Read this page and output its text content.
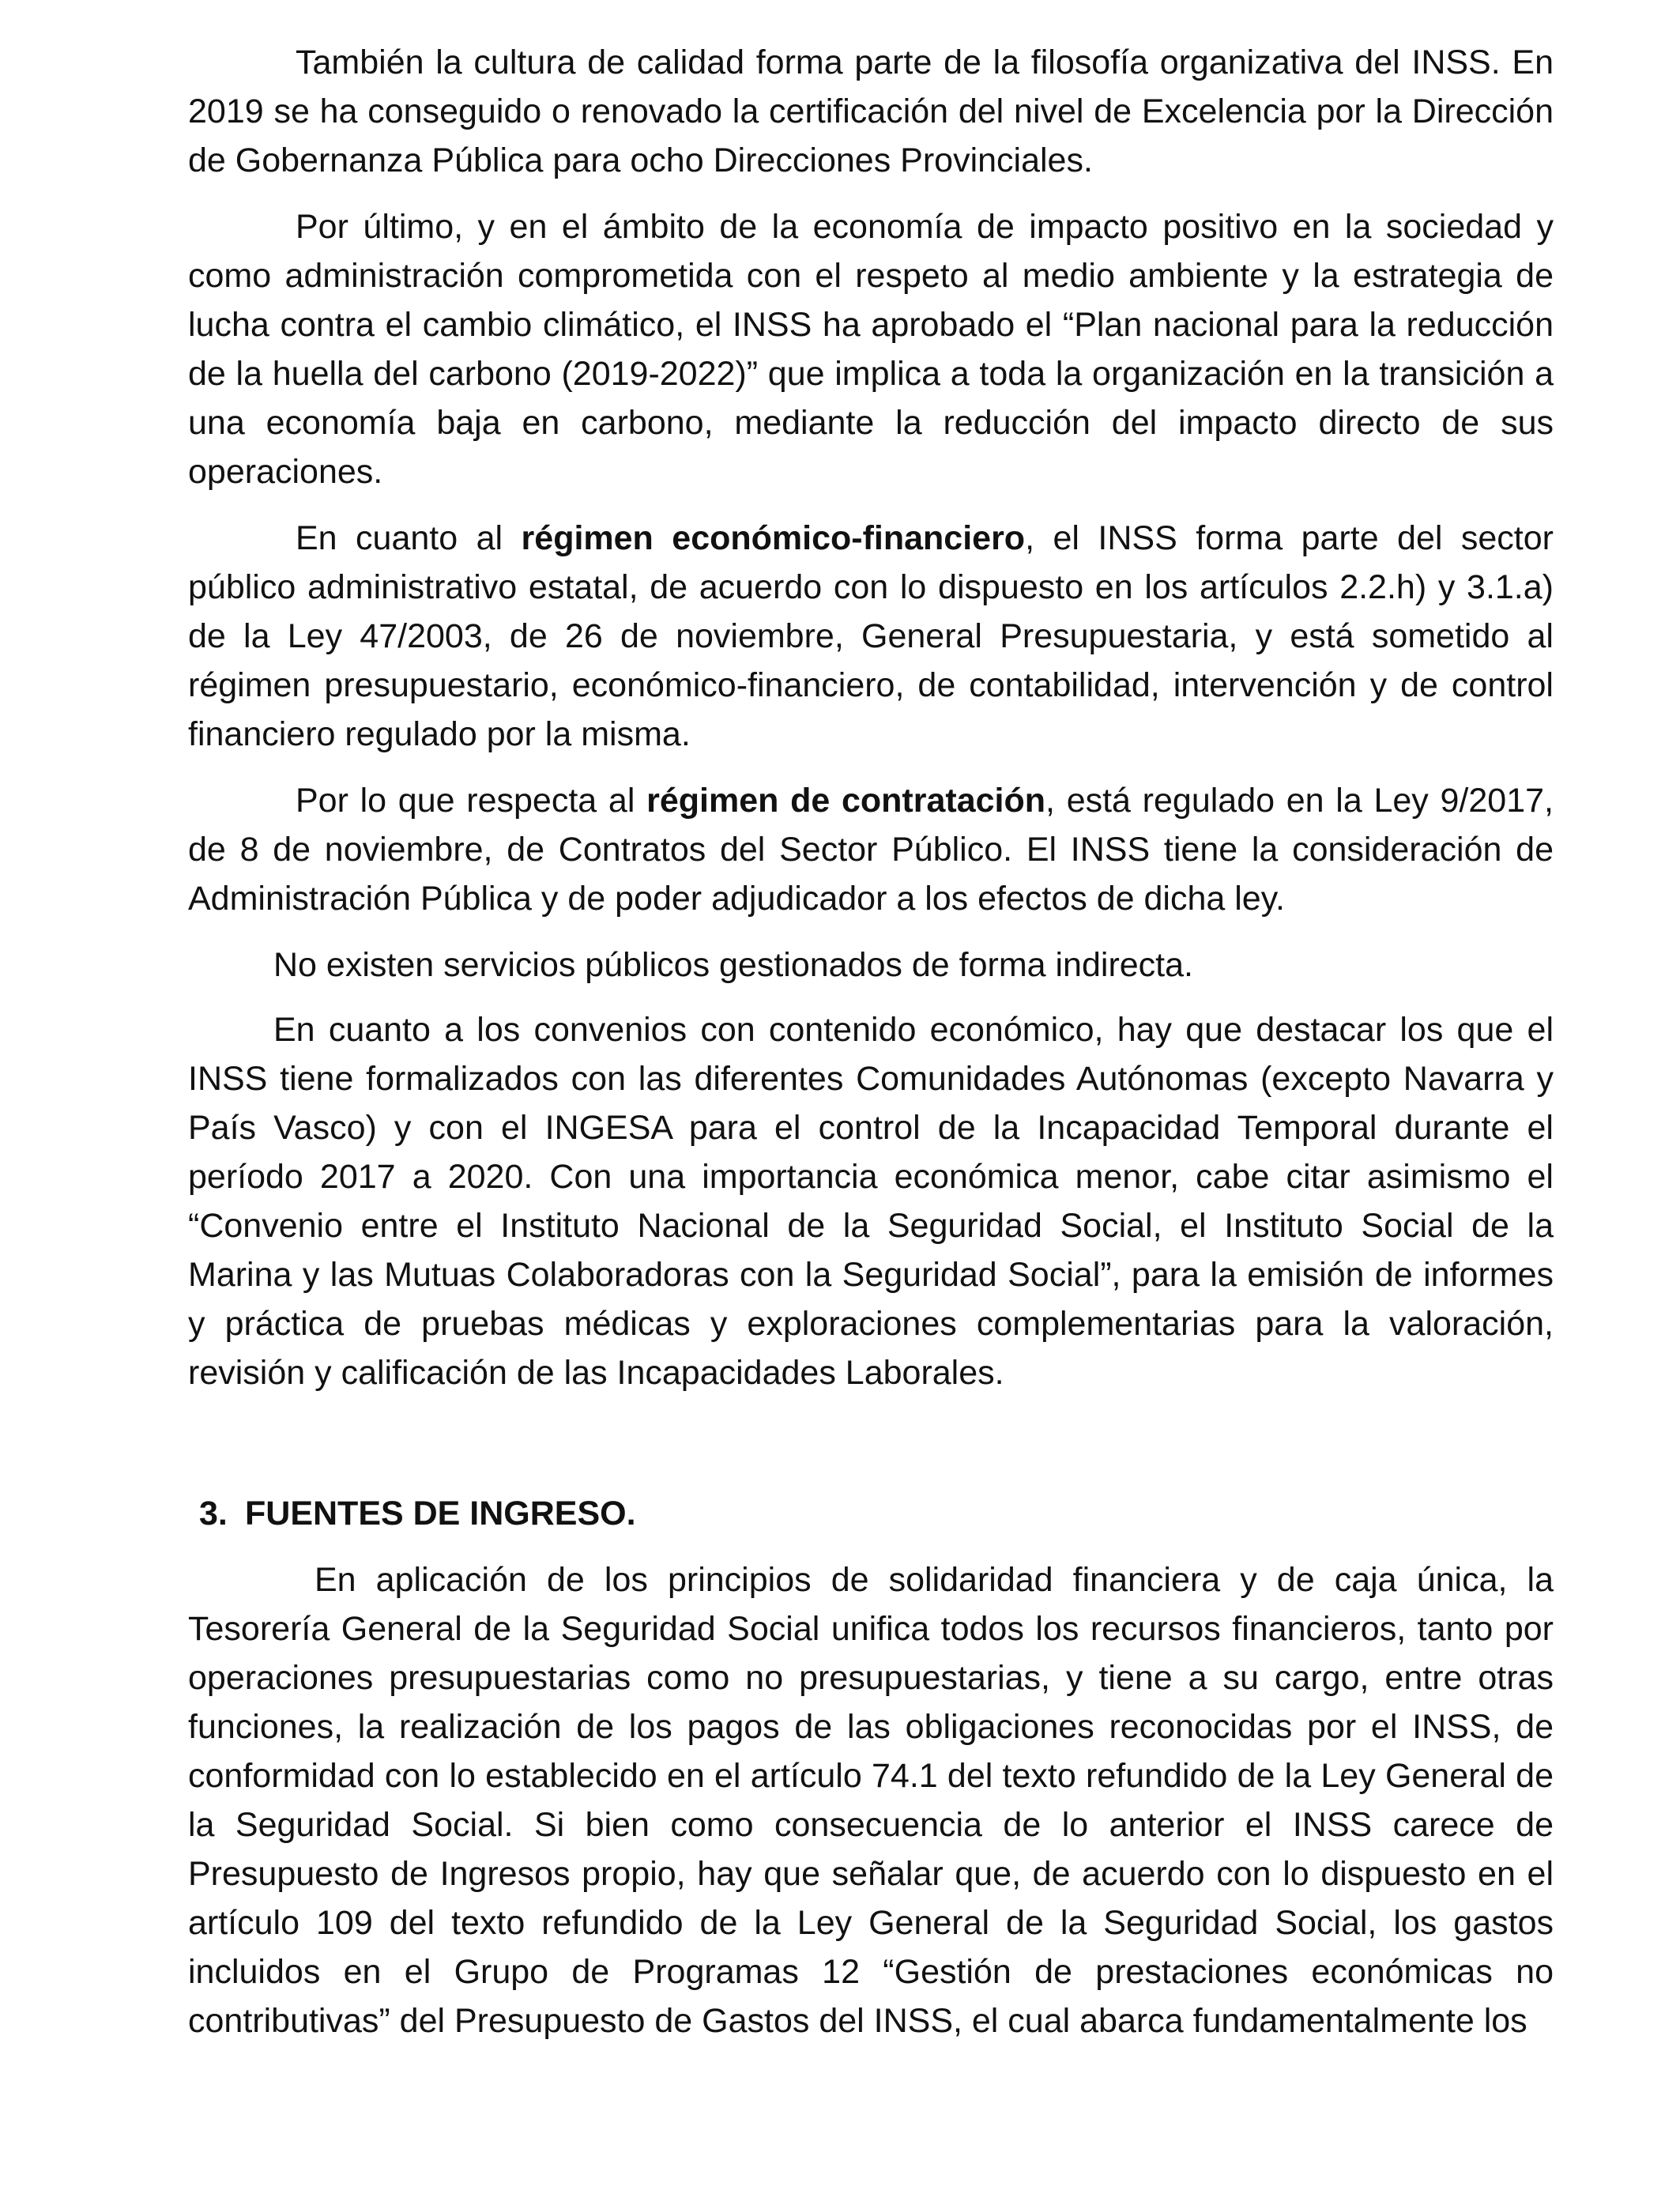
También la cultura de calidad forma parte de la filosofía organizativa del INSS. En 2019 se ha conseguido o renovado la certificación del nivel de Excelencia por la Dirección de Gobernanza Pública para ocho Direcciones Provinciales.

Por último, y en el ámbito de la economía de impacto positivo en la sociedad y como administración comprometida con el respeto al medio ambiente y la estrategia de lucha contra el cambio climático, el INSS ha aprobado el “Plan nacional para la reducción de la huella del carbono (2019-2022)” que implica a toda la organización en la transición a una economía baja en carbono, mediante la reducción del impacto directo de sus operaciones.

En cuanto al régimen económico-financiero, el INSS forma parte del sector público administrativo estatal, de acuerdo con lo dispuesto en los artículos 2.2.h) y 3.1.a) de la Ley 47/2003, de 26 de noviembre, General Presupuestaria, y está sometido al régimen presupuestario, económico-financiero, de contabilidad, intervención y de control financiero regulado por la misma.

Por lo que respecta al régimen de contratación, está regulado en la Ley 9/2017, de 8 de noviembre, de Contratos del Sector Público. El INSS tiene la consideración de Administración Pública y de poder adjudicador a los efectos de dicha ley.

No existen servicios públicos gestionados de forma indirecta.

En cuanto a los convenios con contenido económico, hay que destacar los que el INSS tiene formalizados con las diferentes Comunidades Autónomas (excepto Navarra y País Vasco) y con el INGESA para el control de la Incapacidad Temporal durante el período 2017 a 2020. Con una importancia económica menor, cabe citar asimismo el “Convenio entre el Instituto Nacional de la Seguridad Social, el Instituto Social de la Marina y las Mutuas Colaboradoras con la Seguridad Social”, para la emisión de informes y práctica de pruebas médicas y exploraciones complementarias para la valoración, revisión y calificación de las Incapacidades Laborales.

3. FUENTES DE INGRESO.

En aplicación de los principios de solidaridad financiera y de caja única, la Tesorería General de la Seguridad Social unifica todos los recursos financieros, tanto por operaciones presupuestarias como no presupuestarias, y tiene a su cargo, entre otras funciones, la realización de los pagos de las obligaciones reconocidas por el INSS, de conformidad con lo establecido en el artículo 74.1 del texto refundido de la Ley General de la Seguridad Social. Si bien como consecuencia de lo anterior el INSS carece de Presupuesto de Ingresos propio, hay que señalar que, de acuerdo con lo dispuesto en el artículo 109 del texto refundido de la Ley General de la Seguridad Social, los gastos incluidos en el Grupo de Programas 12 “Gestión de prestaciones económicas no contributivas” del Presupuesto de Gastos del INSS, el cual abarca fundamentalmente los
